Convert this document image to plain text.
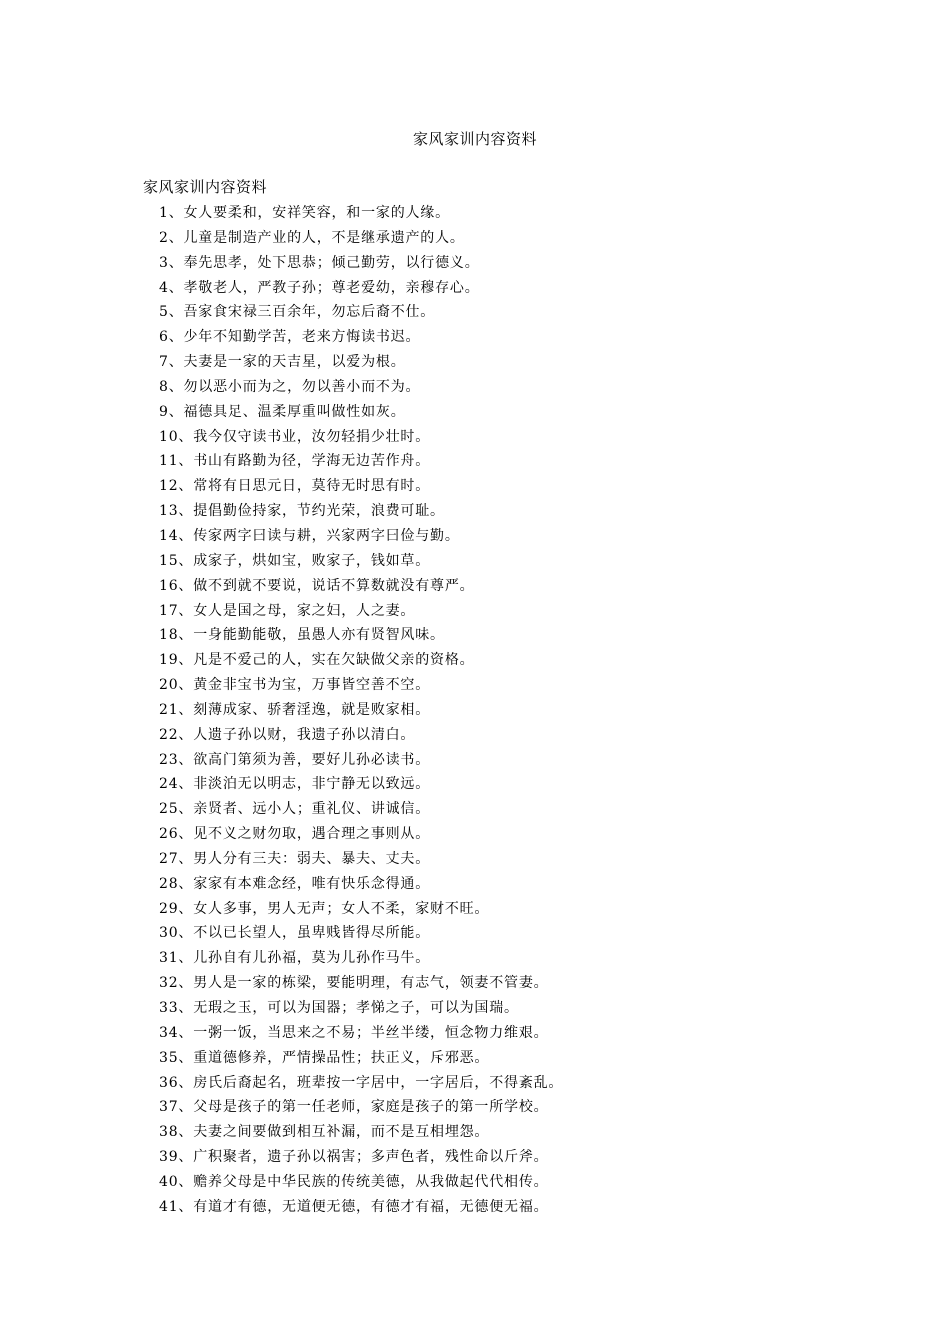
家风家训内容资料
家风家训内容资料
1、女人要柔和，安祥笑容，和一家的人缘。
2、儿童是制造产业的人，不是继承遗产的人。
3、奉先思孝，处下思恭；倾己勤劳，以行德义。
4、孝敬老人，严教子孙；尊老爱幼，亲穆存心。
5、吾家食宋禄三百余年，勿忘后裔不仕。
6、少年不知勤学苦，老来方悔读书迟。
7、夫妻是一家的天吉星，以爱为根。
8、勿以恶小而为之，勿以善小而不为。
9、福德具足、温柔厚重叫做性如灰。
10、我今仅守读书业，汝勿轻捐少壮时。
11、书山有路勤为径，学海无边苦作舟。
12、常将有日思元日，莫待无时思有时。
13、提倡勤俭持家，节约光荣，浪费可耻。
14、传家两字曰读与耕，兴家两字曰俭与勤。
15、成家子，烘如宝，败家子，钱如草。
16、做不到就不要说，说话不算数就没有尊严。
17、女人是国之母，家之妇，人之妻。
18、一身能勤能敬，虽愚人亦有贤智风味。
19、凡是不爱己的人，实在欠缺做父亲的资格。
20、黄金非宝书为宝，万事皆空善不空。
21、刻薄成家、骄奢淫逸，就是败家相。
22、人遗子孙以财，我遗子孙以清白。
23、欲高门第须为善，要好儿孙必读书。
24、非淡泊无以明志，非宁静无以致远。
25、亲贤者、远小人；重礼仪、讲诚信。
26、见不义之财勿取，遇合理之事则从。
27、男人分有三夫：弱夫、暴夫、丈夫。
28、家家有本难念经，唯有快乐念得通。
29、女人多事，男人无声；女人不柔，家财不旺。
30、不以已长望人，虽卑贱皆得尽所能。
31、儿孙自有儿孙福，莫为儿孙作马牛。
32、男人是一家的栋梁，要能明理，有志气，领妻不管妻。
33、无瑕之玉，可以为国器；孝悌之子，可以为国瑞。
34、一粥一饭，当思来之不易；半丝半缕，恒念物力维艰。
35、重道德修养，严情操品性；扶正义，斥邪恶。
36、房氏后裔起名，班辈按一字居中，一字居后，不得紊乱。
37、父母是孩子的第一任老师，家庭是孩子的第一所学校。
38、夫妻之间要做到相互补漏，而不是互相埋怨。
39、广积聚者，遗子孙以祸害；多声色者，残性命以斤斧。
40、赡养父母是中华民族的传统美德，从我做起代代相传。
41、有道才有德，无道便无德，有德才有福，无德便无福。
